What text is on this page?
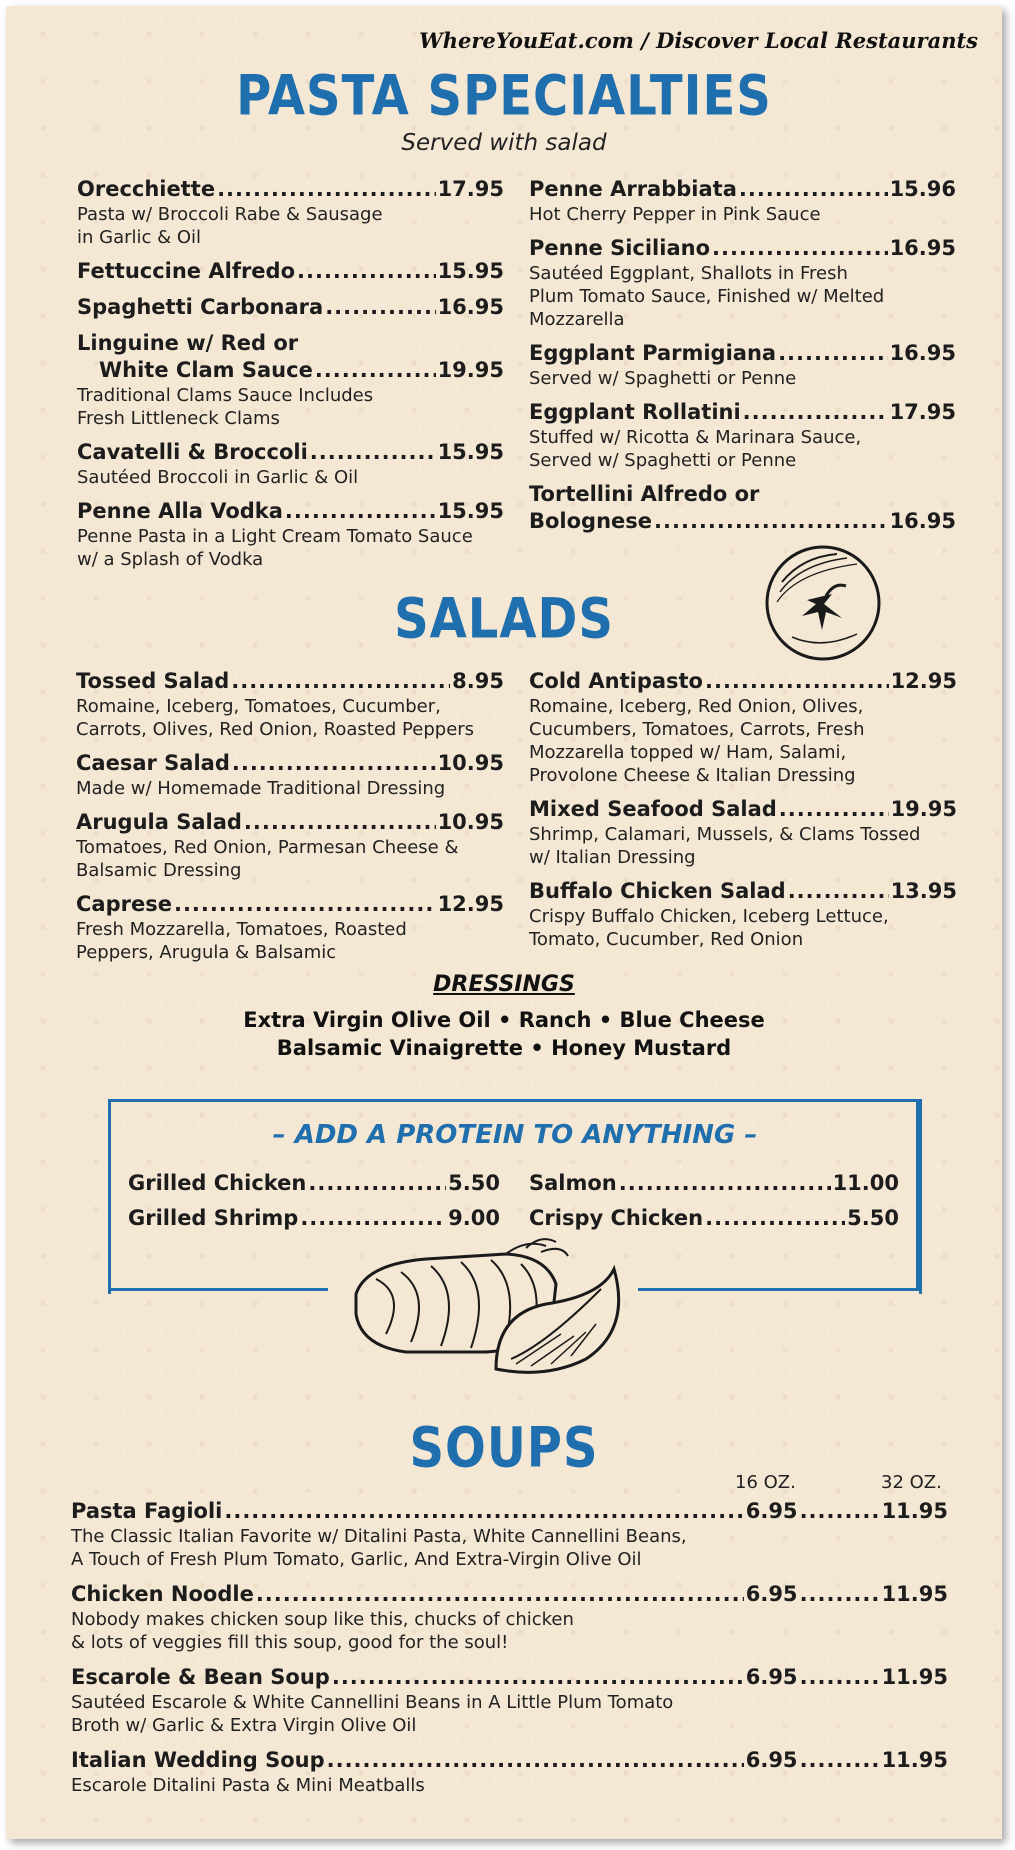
WhereYouEat.com / Discover Local Restaurants
PASTA SPECIALTIES
Served with salad
Orecchiette .....	17.95
Pasta w/ Broccoli Rabe & Sausage
in Garlic & Oil
Fettuccine Alfredo .....	15.95
Spaghetti Carbonara .....	16.95
Linguine w/ Red or
White Clam Sauce .....	19.95
Traditional Clams Sauce Includes
Fresh Littleneck Clams
Cavatelli & Broccoli .....	15.95
Sautéed Broccoli in Garlic & Oil
Penne Alla Vodka .....	15.95
Penne Pasta in a Light Cream Tomato Sauce
w/ a Splash of Vodka
Penne Arrabbiata .....	15.96
Hot Cherry Pepper in Pink Sauce
Penne Siciliano .....	16.95
Sautéed Eggplant, Shallots in Fresh
Plum Tomato Sauce, Finished w/ Melted
Mozzarella
Eggplant Parmigiana .....	16.95
Served w/ Spaghetti or Penne
Eggplant Rollatini .....	17.95
Stuffed w/ Ricotta & Marinara Sauce,
Served w/ Spaghetti or Penne
Tortellini Alfredo or
Bolognese .....	16.95
SALADS
Tossed Salad .....	8.95
Romaine, Iceberg, Tomatoes, Cucumber,
Carrots, Olives, Red Onion, Roasted Peppers
Caesar Salad .....	10.95
Made w/ Homemade Traditional Dressing
Arugula Salad .....	10.95
Tomatoes, Red Onion, Parmesan Cheese &
Balsamic Dressing
Caprese .....	12.95
Fresh Mozzarella, Tomatoes, Roasted
Peppers, Arugula & Balsamic
Cold Antipasto .....	12.95
Romaine, Iceberg, Red Onion, Olives,
Cucumbers, Tomatoes, Carrots, Fresh
Mozzarella topped w/ Ham, Salami,
Provolone Cheese & Italian Dressing
Mixed Seafood Salad .....	19.95
Shrimp, Calamari, Mussels, & Clams Tossed
w/ Italian Dressing
Buffalo Chicken Salad .....	13.95
Crispy Buffalo Chicken, Iceberg Lettuce,
Tomato, Cucumber, Red Onion
DRESSINGS
Extra Virgin Olive Oil • Ranch • Blue Cheese
Balsamic Vinaigrette • Honey Mustard
– ADD A PROTEIN TO ANYTHING –
Grilled Chicken .....	5.50
Grilled Shrimp .....	9.00
Salmon .....	11.00
Crispy Chicken .....	5.50
SOUPS
16 OZ.	32 OZ.
Pasta Fagioli .....	6.95 .....	11.95
The Classic Italian Favorite w/ Ditalini Pasta, White Cannellini Beans,
A Touch of Fresh Plum Tomato, Garlic, And Extra-Virgin Olive Oil
Chicken Noodle .....	6.95 .....	11.95
Nobody makes chicken soup like this, chucks of chicken
& lots of veggies fill this soup, good for the soul!
Escarole & Bean Soup .....	6.95 .....	11.95
Sautéed Escarole & White Cannellini Beans in A Little Plum Tomato
Broth w/ Garlic & Extra Virgin Olive Oil
Italian Wedding Soup .....	6.95 .....	11.95
Escarole Ditalini Pasta & Mini Meatballs
